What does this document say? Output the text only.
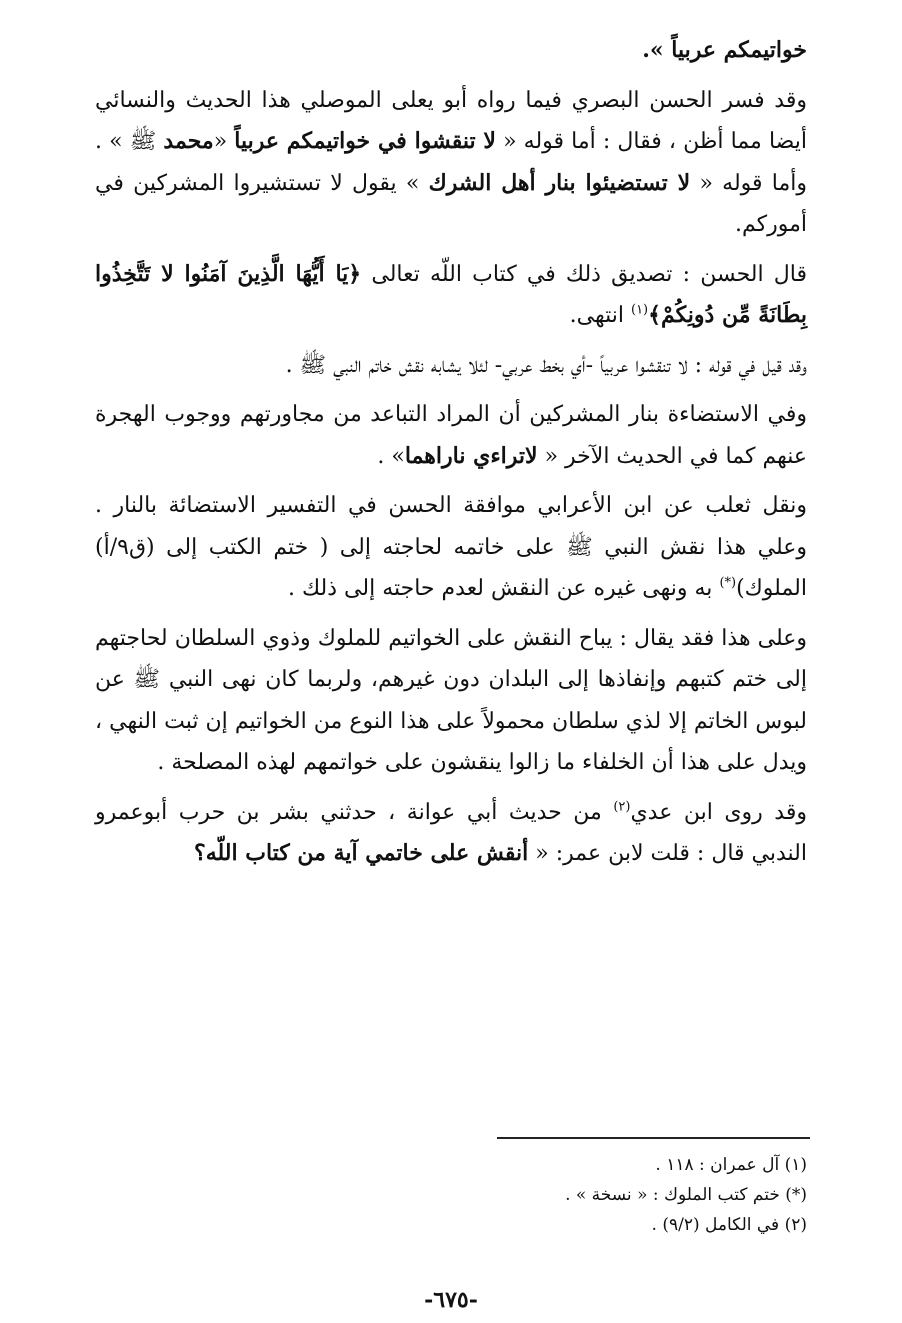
خواتيمكم عربياً ».

وقد فسر الحسن البصري فيما رواه أبو يعلى الموصلي هذا الحديث والنسائي أيضا مما أظن ، فقال : أما قوله « لا تنقشوا في خواتيمكم عربياً «محمد ﷺ » . وأما قوله « لا تستضيئوا بنار أهل الشرك » يقول لا تستشيروا المشركين في أموركم.

قال الحسن : تصديق ذلك في كتاب اللّه تعالى ﴿يَا أَيُّهَا الَّذِينَ آمَنُوا لا تَتَّخِذُوا بِطَانَةً مِّن دُونِكُمْ﴾$^{(١)}$ انتهى.

وقد قيل في قوله : لا تنقشوا عربياً -أي بخط عربي- لئلا يشابه نقش خاتم النبي ﷺ .

وفي الاستضاءة بنار المشركين أن المراد التباعد من مجاورتهم ووجوب الهجرة عنهم كما في الحديث الآخر « لاتراءي ناراهما» .

ونقل ثعلب عن ابن الأعرابي موافقة الحسن في التفسير الاستضائة بالنار . وعلي هذا نقش النبي ﷺ على خاتمه لحاجته إلى ( ختم الكتب إلى (ق٩/أ) الملوك)(*) به ونهى غيره عن النقش لعدم حاجته إلى ذلك .

وعلى هذا فقد يقال : يباح النقش على الخواتيم للملوك وذوي السلطان لحاجتهم إلى ختم كتبهم وإنفاذها إلى البلدان دون غيرهم، ولربما كان نهى النبي ﷺ عن لبوس الخاتم إلا لذي سلطان محمولاً على هذا النوع من الخواتيم إن ثبت النهي ، ويدل على هذا أن الخلفاء ما زالوا ينقشون على خواتمهم لهذه المصلحة .

وقد روى ابن عدي$^{(٢)}$ من حديث أبي عوانة ، حدثني بشر بن حرب أبوعمرو الندبي قال : قلت لابن عمر: « أنقش على خاتمي آية من كتاب اللّه؟

(١) آل عمران : ١١٨ .
(*) ختم كتب الملوك : « نسخة » .
(٢) في الكامل (٩/٢) .
-٦٧٥-
